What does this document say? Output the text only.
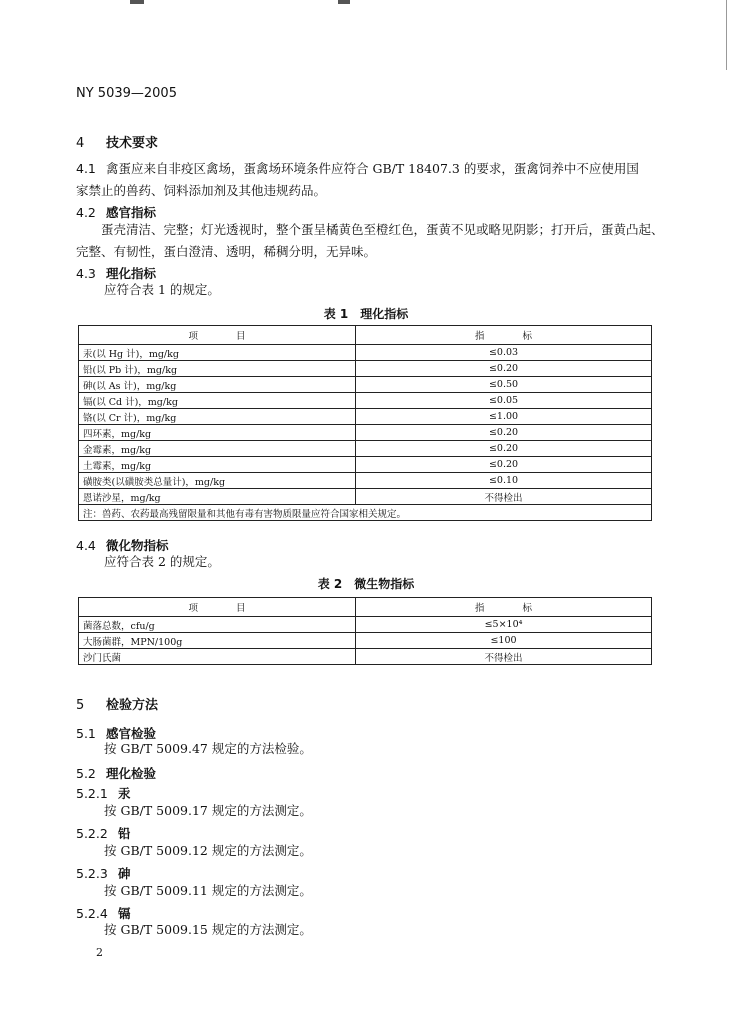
NY 5039—2005
4 技术要求
4.1 禽蛋应来自非疫区禽场，蛋禽场环境条件应符合 GB/T 18407.3 的要求，蛋禽饲养中不应使用国
家禁止的兽药、饲料添加剂及其他违规药品。
4.2 感官指标
蛋壳清洁、完整；灯光透视时，整个蛋呈橘黄色至橙红色，蛋黄不见或略见阴影；打开后，蛋黄凸起、
完整、有韧性，蛋白澄清、透明，稀稠分明，无异味。
4.3 理化指标
应符合表 1 的规定。
表 1　理化指标
项　　　　目	指　　　　标
汞(以 Hg 计)，mg/kg	≤0.03
铅(以 Pb 计)，mg/kg	≤0.20
砷(以 As 计)，mg/kg	≤0.50
镉(以 Cd 计)，mg/kg	≤0.05
铬(以 Cr 计)，mg/kg	≤1.00
四环素，mg/kg	≤0.20
金霉素，mg/kg	≤0.20
土霉素，mg/kg	≤0.20
磺胺类(以磺胺类总量计)，mg/kg	≤0.10
恩诺沙星，mg/kg	不得检出
注：兽药、农药最高残留限量和其他有毒有害物质限量应符合国家相关规定。	
4.4 微化物指标
应符合表 2 的规定。
表 2　微生物指标
项　　　　目	指　　　　标
菌落总数，cfu/g	≤5×10⁴
大肠菌群，MPN/100g	≤100
沙门氏菌	不得检出
5 检验方法
5.1 感官检验
按 GB/T 5009.47 规定的方法检验。
5.2 理化检验
5.2.1 汞
按 GB/T 5009.17 规定的方法测定。
5.2.2 铅
按 GB/T 5009.12 规定的方法测定。
5.2.3 砷
按 GB/T 5009.11 规定的方法测定。
5.2.4 镉
按 GB/T 5009.15 规定的方法测定。
2
